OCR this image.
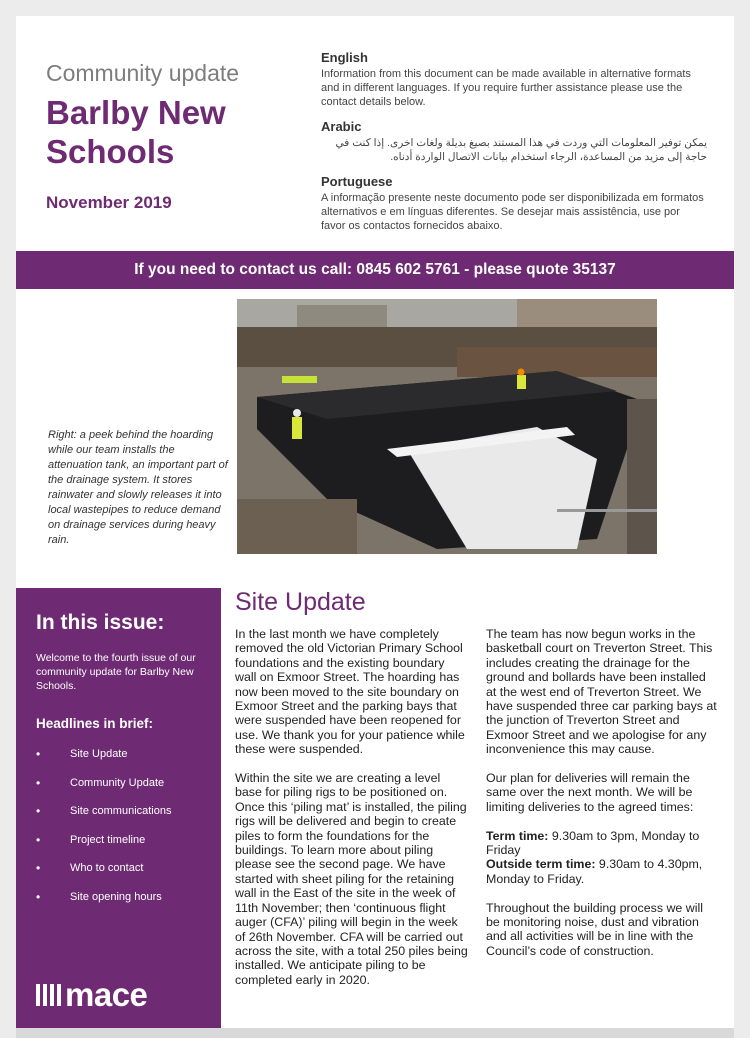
Community update
Barlby New
Schools
November 2019
English
Information from this document can be made available in alternative formats and in different languages. If you require further assistance please use the contact details below.
Arabic
يمكن توفير المعلومات التي وردت في هذا المستند بصيغ بديلة ولغات اخرى. إذا كنت في حاجة إلى مزيد من المساعدة، الرجاء استخدام بيانات الاتصال الواردة أدناه.
Portuguese
A informação presente neste documento pode ser disponibilizada em formatos alternativos e em línguas diferentes. Se desejar mais assistência, use por favor os contactos fornecidos abaixo.
If you need to contact us call: 0845 602 5761 - please quote 35137
Right: a peek behind the hoarding while our team installs the attenuation tank, an important part of the drainage system. It stores rainwater and slowly releases it into local wastepipes to reduce demand on drainage services during heavy rain.
In this issue:
Welcome to the fourth issue of our community update for Barlby New Schools.
Headlines in brief:
• Site Update
• Community Update
• Site communications
• Project timeline
• Who to contact
• Site opening hours
mace
Site Update

In the last month we have completely removed the old Victorian Primary School foundations and the existing boundary wall on Exmoor Street. The hoarding has now been moved to the site boundary on Exmoor Street and the parking bays that were suspended have been reopened for use. We thank you for your patience while these were suspended.

Within the site we are creating a level base for piling rigs to be positioned on. Once this ‘piling mat’ is installed, the piling rigs will be delivered and begin to create piles to form the foundations for the buildings. To learn more about piling please see the second page. We have started with sheet piling for the retaining wall in the East of the site in the week of 11th November; then ‘continuous flight auger (CFA)’ piling will begin in the week of 26th November. CFA will be carried out across the site, with a total 250 piles being installed. We anticipate piling to be completed early in 2020.

The team has now begun works in the basketball court on Treverton Street. This includes creating the drainage for the ground and bollards have been installed at the west end of Treverton Street. We have suspended three car parking bays at the junction of Treverton Street and Exmoor Street and we apologise for any inconvenience this may cause.

Our plan for deliveries will remain the same over the next month. We will be limiting deliveries to the agreed times:

Term time: 9.30am to 3pm, Monday to Friday
Outside term time: 9.30am to 4.30pm, Monday to Friday.

Throughout the building process we will be monitoring noise, dust and vibration and all activities will be in line with the Council’s code of construction.
